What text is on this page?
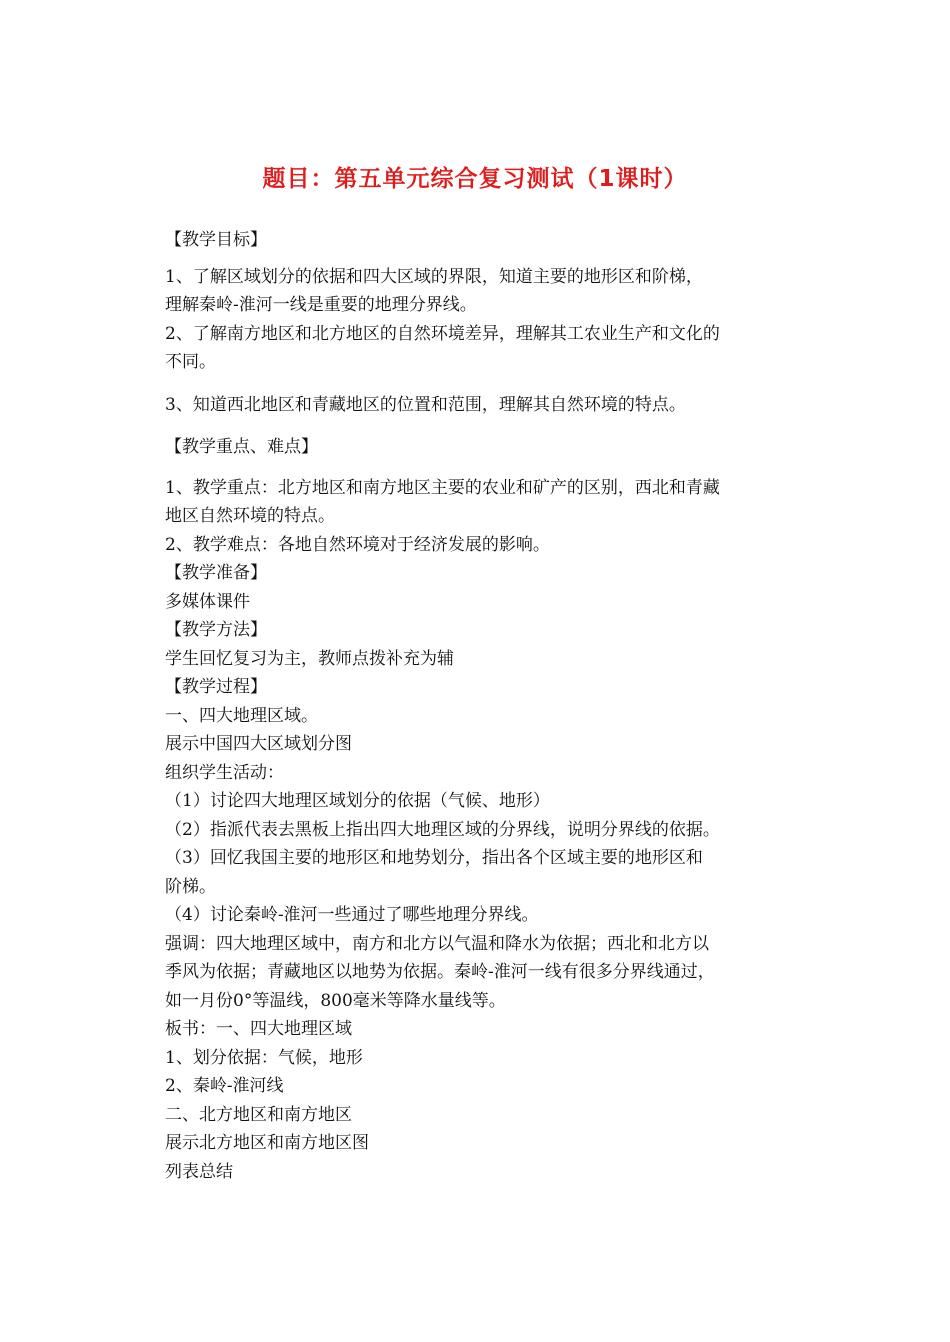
题目：第五单元综合复习测试（1课时）
【教学目标】
1、了解区域划分的依据和四大区域的界限，知道主要的地形区和阶梯，
理解秦岭-淮河一线是重要的地理分界线。
2、了解南方地区和北方地区的自然环境差异，理解其工农业生产和文化的
不同。
3、知道西北地区和青藏地区的位置和范围，理解其自然环境的特点。
【教学重点、难点】
1、教学重点：北方地区和南方地区主要的农业和矿产的区别，西北和青藏
地区自然环境的特点。
2、教学难点：各地自然环境对于经济发展的影响。
【教学准备】
多媒体课件
【教学方法】
学生回忆复习为主，教师点拨补充为辅
【教学过程】
一、四大地理区域。
展示中国四大区域划分图
组织学生活动：
（1）讨论四大地理区域划分的依据（气候、地形）
（2）指派代表去黑板上指出四大地理区域的分界线，说明分界线的依据。
（3）回忆我国主要的地形区和地势划分，指出各个区域主要的地形区和
阶梯。
（4）讨论秦岭-淮河一些通过了哪些地理分界线。
强调：四大地理区域中，南方和北方以气温和降水为依据；西北和北方以
季风为依据；青藏地区以地势为依据。秦岭-淮河一线有很多分界线通过，
如一月份0°等温线，800毫米等降水量线等。
板书：一、四大地理区域
1、划分依据：气候，地形
2、秦岭-淮河线
二、北方地区和南方地区
展示北方地区和南方地区图
列表总结
